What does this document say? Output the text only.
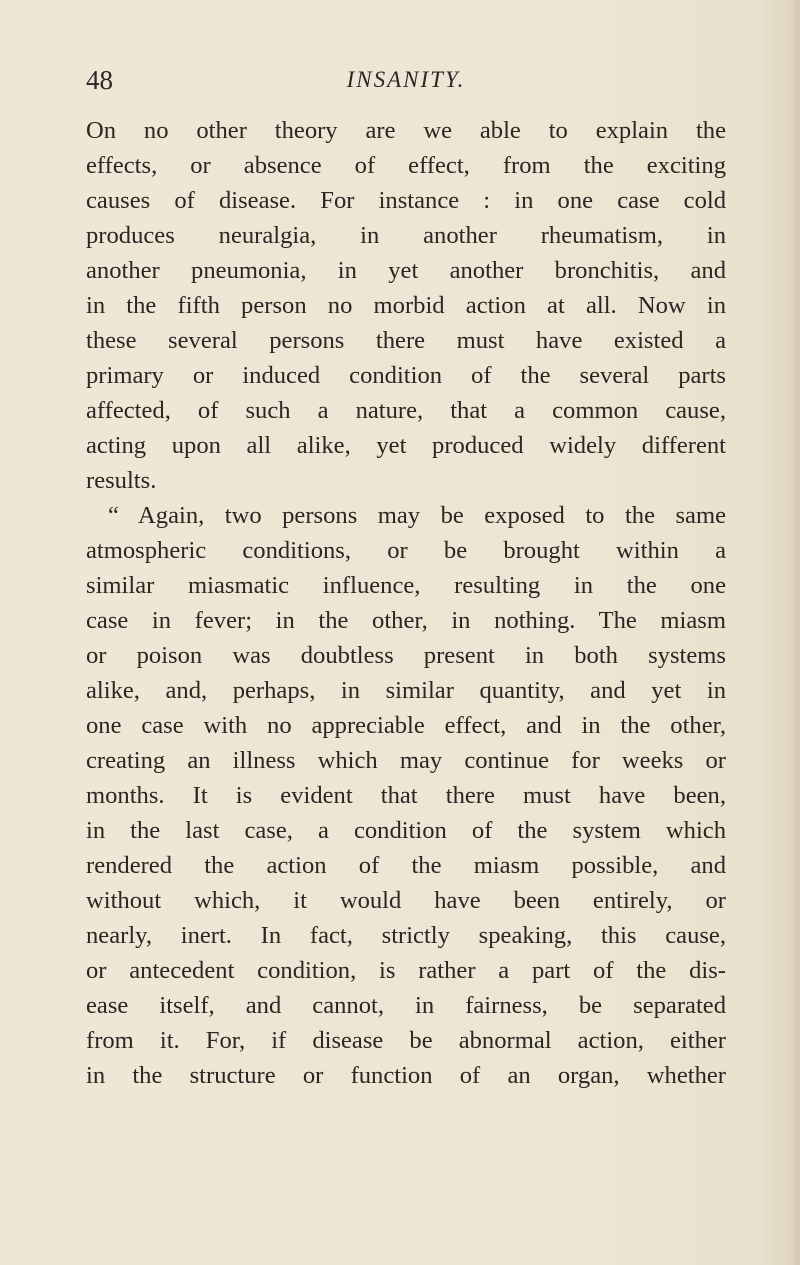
48	INSANITY.
On no other theory are we able to explain the
effects, or absence of effect, from the exciting
causes of disease. For instance : in one case cold
produces neuralgia, in another rheumatism, in
another pneumonia, in yet another bronchitis, and
in the fifth person no morbid action at all. Now in
these several persons there must have existed a
primary or induced condition of the several parts
affected, of such a nature, that a common cause,
acting upon all alike, yet produced widely different
results.
“ Again, two persons may be exposed to the same
atmospheric conditions, or be brought within a
similar miasmatic influence, resulting in the one
case in fever; in the other, in nothing. The miasm
or poison was doubtless present in both systems
alike, and, perhaps, in similar quantity, and yet in
one case with no appreciable effect, and in the other,
creating an illness which may continue for weeks or
months. It is evident that there must have been,
in the last case, a condition of the system which
rendered the action of the miasm possible, and
without which, it would have been entirely, or
nearly, inert. In fact, strictly speaking, this cause,
or antecedent condition, is rather a part of the dis-
ease itself, and cannot, in fairness, be separated
from it. For, if disease be abnormal action, either
in the structure or function of an organ, whether
